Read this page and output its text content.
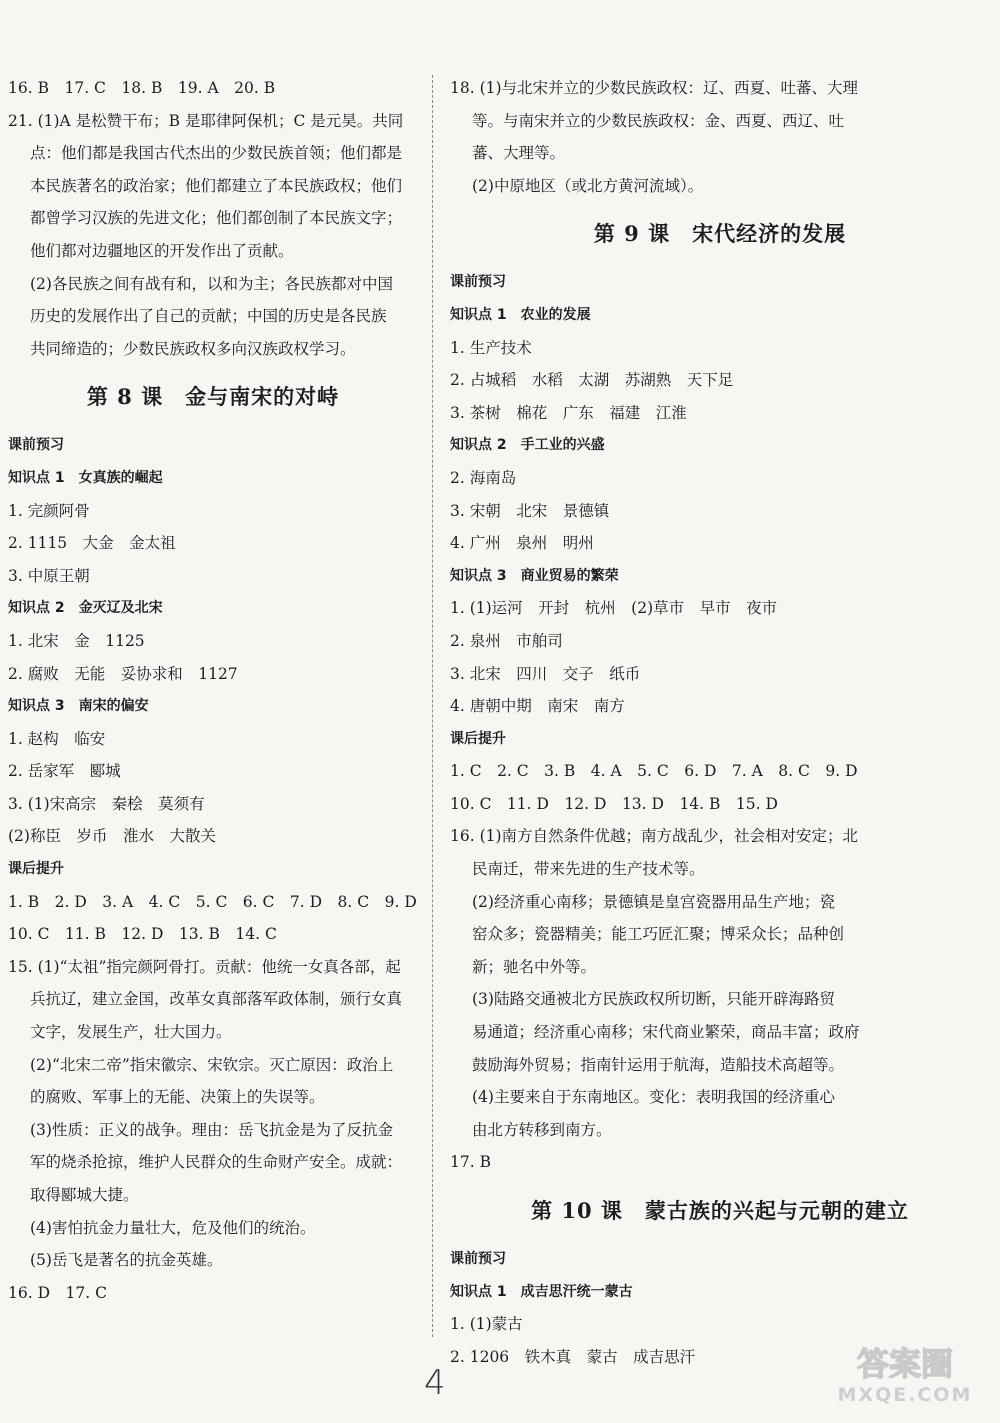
16. B　17. C　18. B　19. A　20. B
21. (1)A 是松赞干布；B 是耶律阿保机；C 是元昊。共同
点：他们都是我国古代杰出的少数民族首领；他们都是
本民族著名的政治家；他们都建立了本民族政权；他们
都曾学习汉族的先进文化；他们都创制了本民族文字；
他们都对边疆地区的开发作出了贡献。
(2)各民族之间有战有和，以和为主；各民族都对中国
历史的发展作出了自己的贡献；中国的历史是各民族
共同缔造的；少数民族政权多向汉族政权学习。
第 8 课 金与南宋的对峙
课前预习
知识点 1　女真族的崛起
1. 完颜阿骨
2. 1115　大金　金太祖
3. 中原王朝
知识点 2　金灭辽及北宋
1. 北宋　金　1125
2. 腐败　无能　妥协求和　1127
知识点 3　南宋的偏安
1. 赵构　临安
2. 岳家军　郾城
3. (1)宋高宗　秦桧　莫须有
(2)称臣　岁币　淮水　大散关
课后提升
1. B　2. D　3. A　4. C　5. C　6. C　7. D　8. C　9. D
10. C　11. B　12. D　13. B　14. C
15. (1)“太祖”指完颜阿骨打。贡献：他统一女真各部，起
兵抗辽，建立金国，改革女真部落军政体制，颁行女真
文字，发展生产，壮大国力。
(2)“北宋二帝”指宋徽宗、宋钦宗。灭亡原因：政治上
的腐败、军事上的无能、决策上的失误等。
(3)性质：正义的战争。理由：岳飞抗金是为了反抗金
军的烧杀抢掠，维护人民群众的生命财产安全。成就：
取得郾城大捷。
(4)害怕抗金力量壮大，危及他们的统治。
(5)岳飞是著名的抗金英雄。
16. D　17. C
18. (1)与北宋并立的少数民族政权：辽、西夏、吐蕃、大理
等。与南宋并立的少数民族政权：金、西夏、西辽、吐
蕃、大理等。
(2)中原地区（或北方黄河流域）。
第 9 课 宋代经济的发展
课前预习
知识点 1　农业的发展
1. 生产技术
2. 占城稻　水稻　太湖　苏湖熟　天下足
3. 茶树　棉花　广东　福建　江淮
知识点 2　手工业的兴盛
2. 海南岛
3. 宋朝　北宋　景德镇
4. 广州　泉州　明州
知识点 3　商业贸易的繁荣
1. (1)运河　开封　杭州　(2)草市　早市　夜市
2. 泉州　市舶司
3. 北宋　四川　交子　纸币
4. 唐朝中期　南宋　南方
课后提升
1. C　2. C　3. B　4. A　5. C　6. D　7. A　8. C　9. D
10. C　11. D　12. D　13. D　14. B　15. D
16. (1)南方自然条件优越；南方战乱少，社会相对安定；北
民南迁，带来先进的生产技术等。
(2)经济重心南移；景德镇是皇宫瓷器用品生产地；瓷
窑众多；瓷器精美；能工巧匠汇聚；博采众长；品种创
新；驰名中外等。
(3)陆路交通被北方民族政权所切断，只能开辟海路贸
易通道；经济重心南移；宋代商业繁荣，商品丰富；政府
鼓励海外贸易；指南针运用于航海，造船技术高超等。
(4)主要来自于东南地区。变化：表明我国的经济重心
由北方转移到南方。
17. B
第 10 课 蒙古族的兴起与元朝的建立
课前预习
知识点 1　成吉思汗统一蒙古
1. (1)蒙古
2. 1206　铁木真　蒙古　成吉思汗
4	答案圈
MXQE.COM
